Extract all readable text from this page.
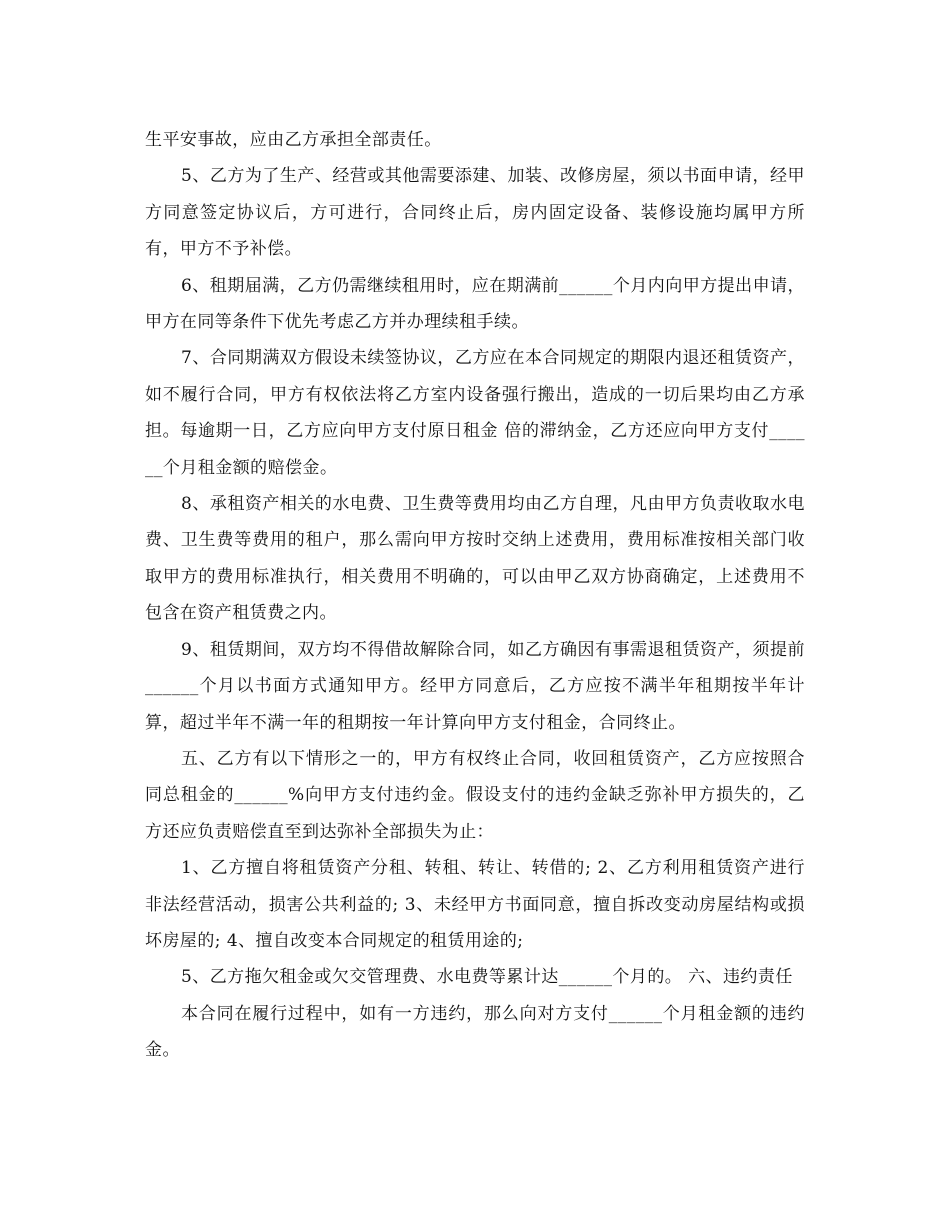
生平安事故，应由乙方承担全部责任。

5、乙方为了生产、经营或其他需要添建、加装、改修房屋，须以书面申请，经甲方同意签定协议后，方可进行，合同终止后，房内固定设备、装修设施均属甲方所有，甲方不予补偿。

6、租期届满，乙方仍需继续租用时，应在期满前______个月内向甲方提出申请，甲方在同等条件下优先考虑乙方并办理续租手续。

7、合同期满双方假设未续签协议，乙方应在本合同规定的期限内退还租赁资产，如不履行合同，甲方有权依法将乙方室内设备强行搬出，造成的一切后果均由乙方承担。每逾期一日，乙方应向甲方支付原日租金 倍的滞纳金，乙方还应向甲方支付______个月租金额的赔偿金。

8、承租资产相关的水电费、卫生费等费用均由乙方自理，凡由甲方负责收取水电费、卫生费等费用的租户，那么需向甲方按时交纳上述费用，费用标准按相关部门收取甲方的费用标准执行，相关费用不明确的，可以由甲乙双方协商确定，上述费用不包含在资产租赁费之内。

9、租赁期间，双方均不得借故解除合同，如乙方确因有事需退租赁资产，须提前______个月以书面方式通知甲方。经甲方同意后，乙方应按不满半年租期按半年计算，超过半年不满一年的租期按一年计算向甲方支付租金，合同终止。

五、乙方有以下情形之一的，甲方有权终止合同，收回租赁资产，乙方应按照合同总租金的______%向甲方支付违约金。假设支付的违约金缺乏弥补甲方损失的，乙方还应负责赔偿直至到达弥补全部损失为止：

1、乙方擅自将租赁资产分租、转租、转让、转借的; 2、乙方利用租赁资产进行非法经营活动，损害公共利益的; 3、未经甲方书面同意，擅自拆改变动房屋结构或损坏房屋的; 4、擅自改变本合同规定的租赁用途的;

5、乙方拖欠租金或欠交管理费、水电费等累计达______个月的。 六、违约责任

本合同在履行过程中，如有一方违约，那么向对方支付______个月租金额的违约金。
